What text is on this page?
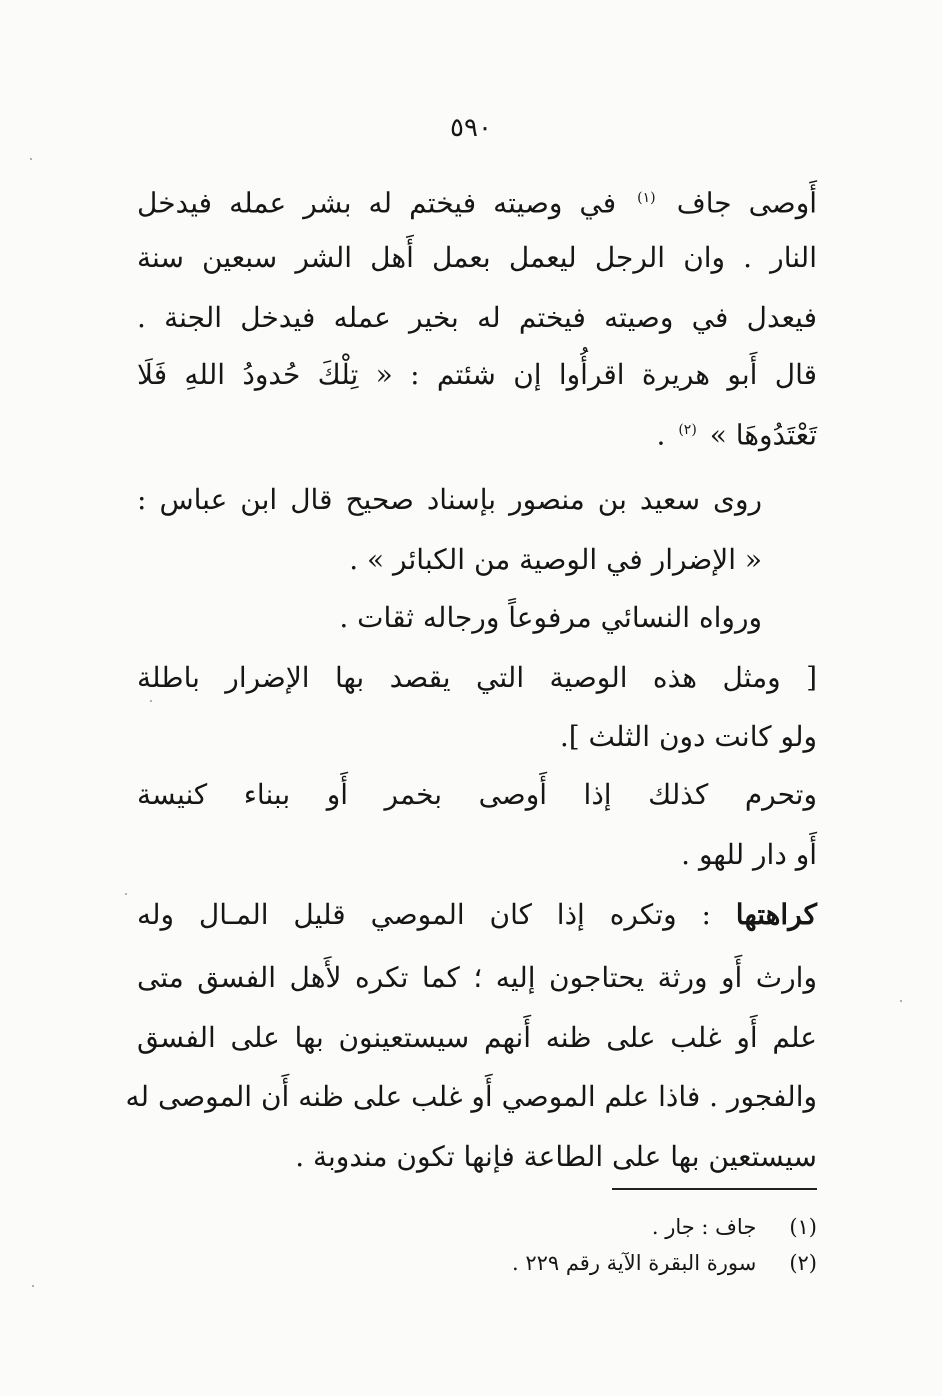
٥٩٠
أَوصى جاف $^{(١)}$ في وصيته فيختم له بشر عمله فيدخل
النار . وان الرجل ليعمل بعمل أَهل الشر سبعين سنة
فيعدل في وصيته فيختم له بخير عمله فيدخل الجنة .
قال أَبو هريرة اقرأُوا إن شئتم : « تِلْكَ حُدودُ اللهِ فَلَا
تَعْتَدُوهَا » $^{(٢)}$ .
روى سعيد بن منصور بإسناد صحيح قال ابن عباس :
« الإضرار في الوصية من الكبائر » .
ورواه النسائي مرفوعاً ورجاله ثقات .
[ ومثل هذه الوصية التي يقصد بها الإضرار باطلة
ولو كانت دون الثلث ].
وتحرم كذلك إذا أَوصى بخمر أَو ببناء كنيسة
أَو دار للهو .
كراهتها : وتكره إذا كان الموصي قليل المـال وله
وارث أَو ورثة يحتاجون إليه ؛ كما تكره لأَهل الفسق متى
علم أَو غلب على ظنه أَنهم سيستعينون بها على الفسق
والفجور . فاذا علم الموصي أَو غلب على ظنه أَن الموصى له
سيستعين بها على الطاعة فإنها تكون مندوبة .
(١) جاف : جار .
(٢) سورة البقرة الآية رقم ٢٢٩ .
